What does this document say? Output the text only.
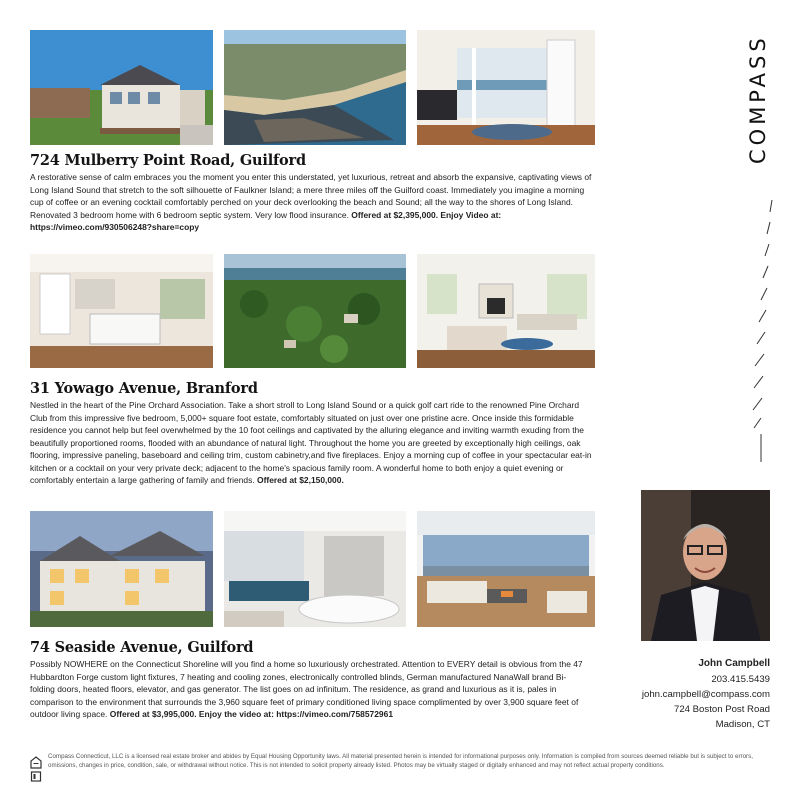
724 Mulberry Point Road, Guilford

A restorative sense of calm embraces you the moment you enter this understated, yet luxurious, retreat and absorb the expansive, captivating views of Long Island Sound that stretch to the soft silhouette of Faulkner Island; a mere three miles off the Guilford coast. Immediately you imagine a morning cup of coffee or an evening cocktail comfortably perched on your deck overlooking the beach and Sound; all the way to the shores of Long Island. Renovated 3 bedroom home with 6 bedroom septic system. Very low flood insurance. Offered at $2,395,000. Enjoy Video at: https://vimeo.com/930506248?share=copy

31 Yowago Avenue, Branford

Nestled in the heart of the Pine Orchard Association. Take a short stroll to Long Island Sound or a quick golf cart ride to the renowned Pine Orchard Club from this impressive five bedroom, 5,000+ square foot estate, comfortably situated on just over one pristine acre. Once inside this formidable residence you cannot help but feel overwhelmed by the 10 foot ceilings and captivated by the alluring elegance and inviting warmth exuding from the beautifully proportioned rooms, flooded with an abundance of natural light. Throughout the home you are greeted by exceptionally high ceilings, oak flooring, impressive paneling, baseboard and ceiling trim, custom cabinetry,and five fireplaces. Enjoy a morning cup of coffee in your spectacular eat-in kitchen or a cocktail on your very private deck; adjacent to the home's spacious family room. A wonderful home to both enjoy a quiet evening or comfortably entertain a large gathering of family and friends. Offered at $2,150,000.

74 Seaside Avenue, Guilford

Possibly NOWHERE on the Connecticut Shoreline will you find a home so luxuriously orchestrated. Attention to EVERY detail is obvious from the 47 Hubbardton Forge custom light fixtures, 7 heating and cooling zones, electronically controlled blinds, German manufactured NanaWall brand Bi-folding doors, heated floors, elevator, and gas generator. The list goes on ad infinitum. The residence, as grand and luxurious as it is, pales in comparison to the environment that surrounds the 3,960 square feet of primary conditioned living space complimented by over 3,900 square feet of outdoor living space. Offered at $3,995,000. Enjoy the video at: https://vimeo.com/758572961

COMPASS

John Campbell

203.415.5439

john.campbell@compass.com

724 Boston Post Road

Madison, CT

Compass Connecticut, LLC is a licensed real estate broker and abides by Equal Housing Opportunity laws. All material presented herein is intended for informational purposes only. Information is compiled from sources deemed reliable but is subject to errors, omissions, changes in price, condition, sale, or withdrawal without notice. This is not intended to solicit property already listed. Photos may be virtually staged or digitally enhanced and may not reflect actual property conditions.
